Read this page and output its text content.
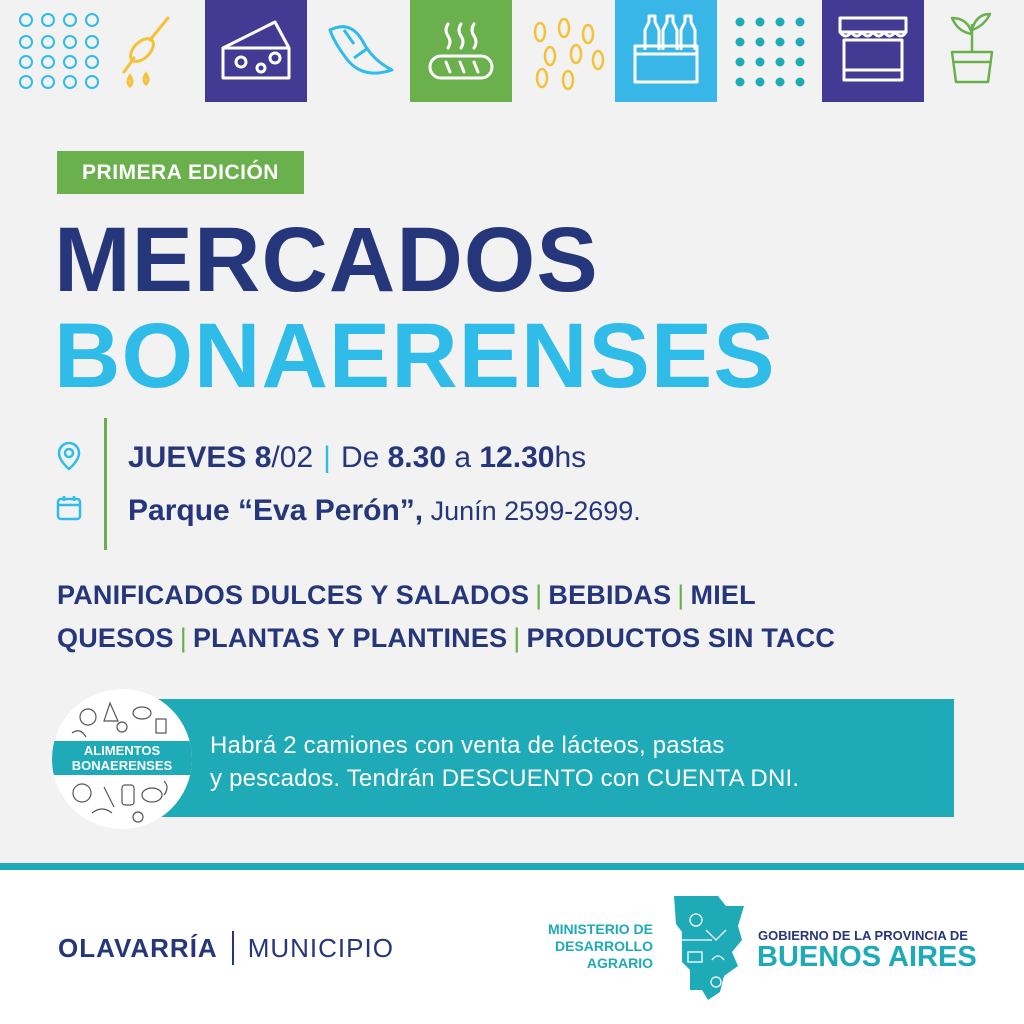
PRIMERA EDICIÓN
MERCADOS
BONAERENSES
JUEVES 8/02 | De 8.30 a 12.30hs
Parque “Eva Perón”, Junín 2599-2699.
PANIFICADOS DULCES Y SALADOS | BEBIDAS | MIEL
QUESOS | PLANTAS Y PLANTINES | PRODUCTOS SIN TACC
Habrá 2 camiones con venta de lácteos, pastas
y pescados. Tendrán DESCUENTO con CUENTA DNI.
ALIMENTOS
BONAERENSES
OLAVARRÍA MUNICIPIO
MINISTERIO DE
DESARROLLO
AGRARIO
GOBIERNO DE LA PROVINCIA DE
BUENOS AIRES
